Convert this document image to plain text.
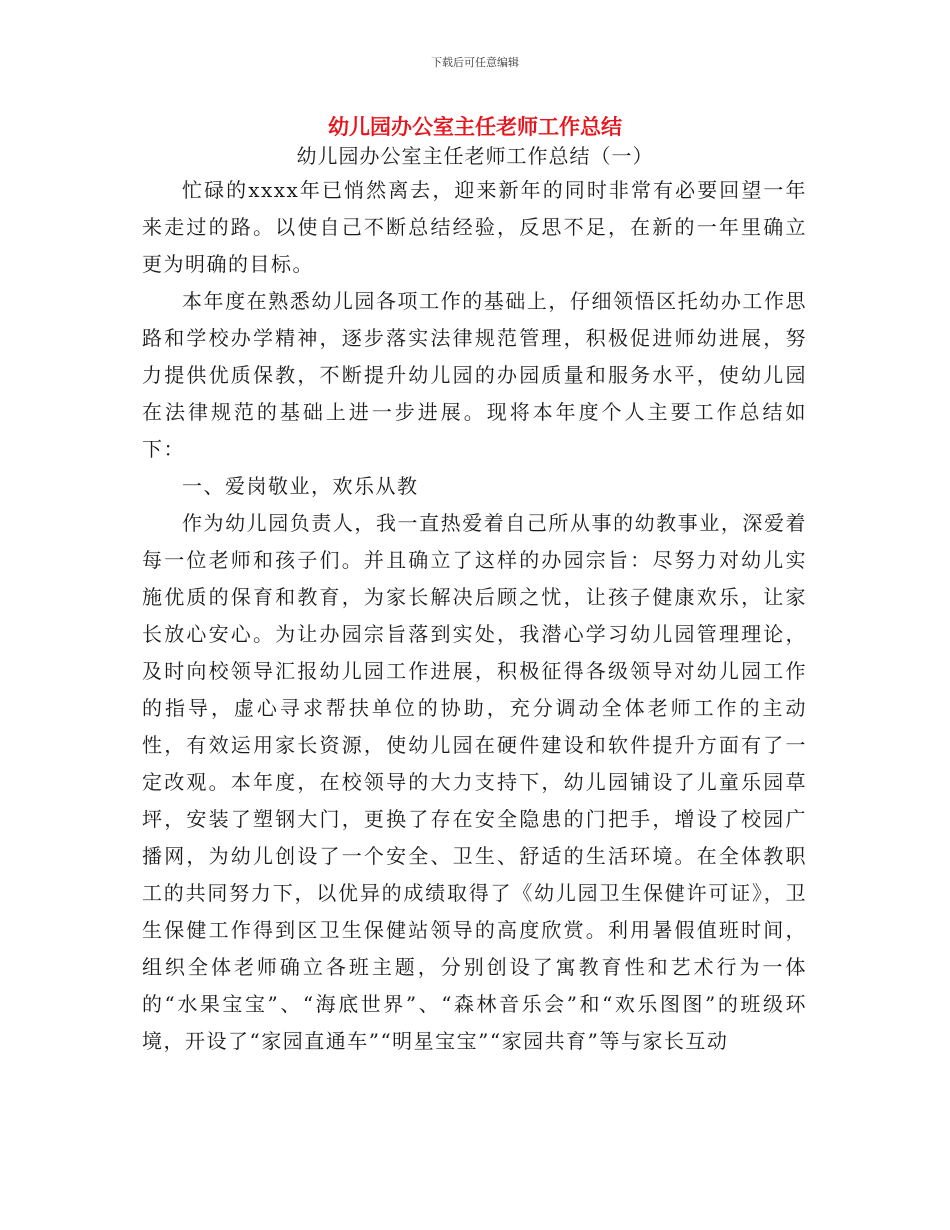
下载后可任意编辑
幼儿园办公室主任老师工作总结
幼儿园办公室主任老师工作总结（一）

忙碌的xxxx年已悄然离去，迎来新年的同时非常有必要回望一年来走过的路。以使自己不断总结经验，反思不足，在新的一年里确立更为明确的目标。

本年度在熟悉幼儿园各项工作的基础上，仔细领悟区托幼办工作思路和学校办学精神，逐步落实法律规范管理，积极促进师幼进展，努力提供优质保教，不断提升幼儿园的办园质量和服务水平，使幼儿园在法律规范的基础上进一步进展。现将本年度个人主要工作总结如下：

一、爱岗敬业，欢乐从教

作为幼儿园负责人，我一直热爱着自己所从事的幼教事业，深爱着每一位老师和孩子们。并且确立了这样的办园宗旨：尽努力对幼儿实施优质的保育和教育，为家长解决后顾之忧，让孩子健康欢乐，让家长放心安心。为让办园宗旨落到实处，我潜心学习幼儿园管理理论，及时向校领导汇报幼儿园工作进展，积极征得各级领导对幼儿园工作的指导，虚心寻求帮扶单位的协助，充分调动全体老师工作的主动性，有效运用家长资源，使幼儿园在硬件建设和软件提升方面有了一定改观。本年度，在校领导的大力支持下，幼儿园铺设了儿童乐园草坪，安装了塑钢大门，更换了存在安全隐患的门把手，增设了校园广播网，为幼儿创设了一个安全、卫生、舒适的生活环境。在全体教职工的共同努力下，以优异的成绩取得了《幼儿园卫生保健许可证》，卫生保健工作得到区卫生保健站领导的高度欣赏。利用暑假值班时间，组织全体老师确立各班主题，分别创设了寓教育性和艺术行为一体的“水果宝宝”、“海底世界”、“森林音乐会”和“欢乐图图”的班级环境，开设了“家园直通车”“明星宝宝”“家园共育”等与家长互动
